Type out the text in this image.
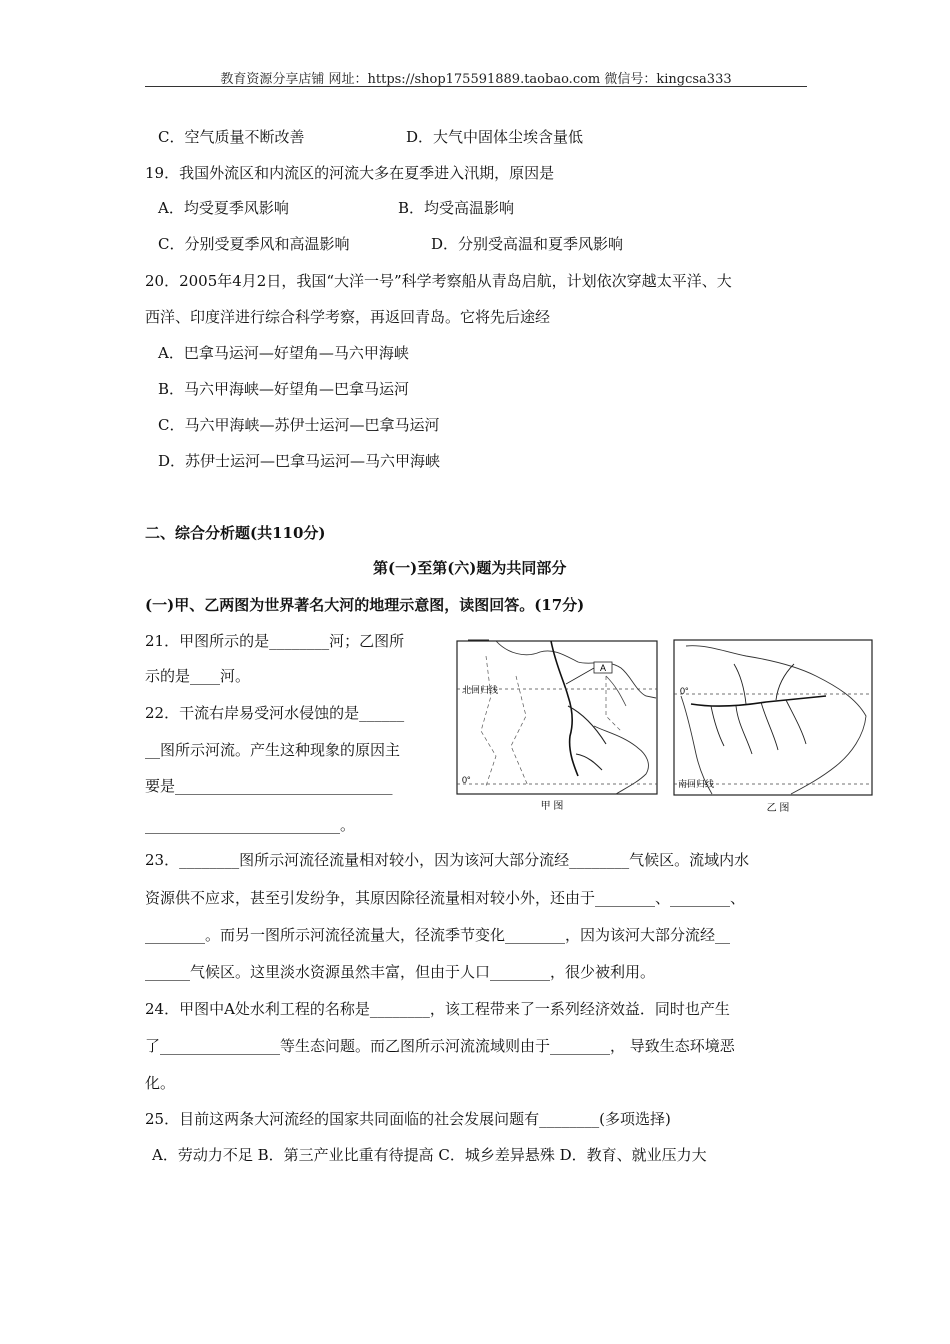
教育资源分享店铺 网址：https://shop175591889.taobao.com 微信号：kingcsa333
C．空气质量不断改善	D．大气中固体尘埃含量低
19．我国外流区和内流区的河流大多在夏季进入汛期，原因是
A．均受夏季风影响	B．均受高温影响
C．分别受夏季风和高温影响	D．分别受高温和夏季风影响
20．2005年4月2日，我国“大洋一号”科学考察船从青岛启航，计划依次穿越太平洋、大
西洋、印度洋进行综合科学考察，再返回青岛。它将先后途经
A．巴拿马运河—好望角—马六甲海峡
B．马六甲海峡—好望角—巴拿马运河
C．马六甲海峡—苏伊士运河—巴拿马运河
D．苏伊士运河—巴拿马运河—马六甲海峡
二、综合分析题(共110分)
第(一)至第(六)题为共同部分
(一)甲、乙两图为世界著名大河的地理示意图，读图回答。(17分)
21．甲图所示的是________河；乙图所
示的是____河。
22．干流右岸易受河水侵蚀的是______
__图所示河流。产生这种现象的原因主
要是_____________________________
__________________________。
A
北回归线
0°
甲 图
0°
南回归线
乙 图
23．________图所示河流径流量相对较小，因为该河大部分流经________气候区。流域内水
资源供不应求，甚至引发纷争，其原因除径流量相对较小外，还由于________、________、
________。而另一图所示河流径流量大，径流季节变化________，因为该河大部分流经__
______气候区。这里淡水资源虽然丰富，但由于人口________，很少被利用。
24．甲图中A处水利工程的名称是________，该工程带来了一系列经济效益．同时也产生
了________________等生态问题。而乙图所示河流流域则由于________， 导致生态环境恶
化。
25．目前这两条大河流经的国家共同面临的社会发展问题有________(多项选择)
A．劳动力不足 B．第三产业比重有待提高 C．城乡差异悬殊 D．教育、就业压力大
